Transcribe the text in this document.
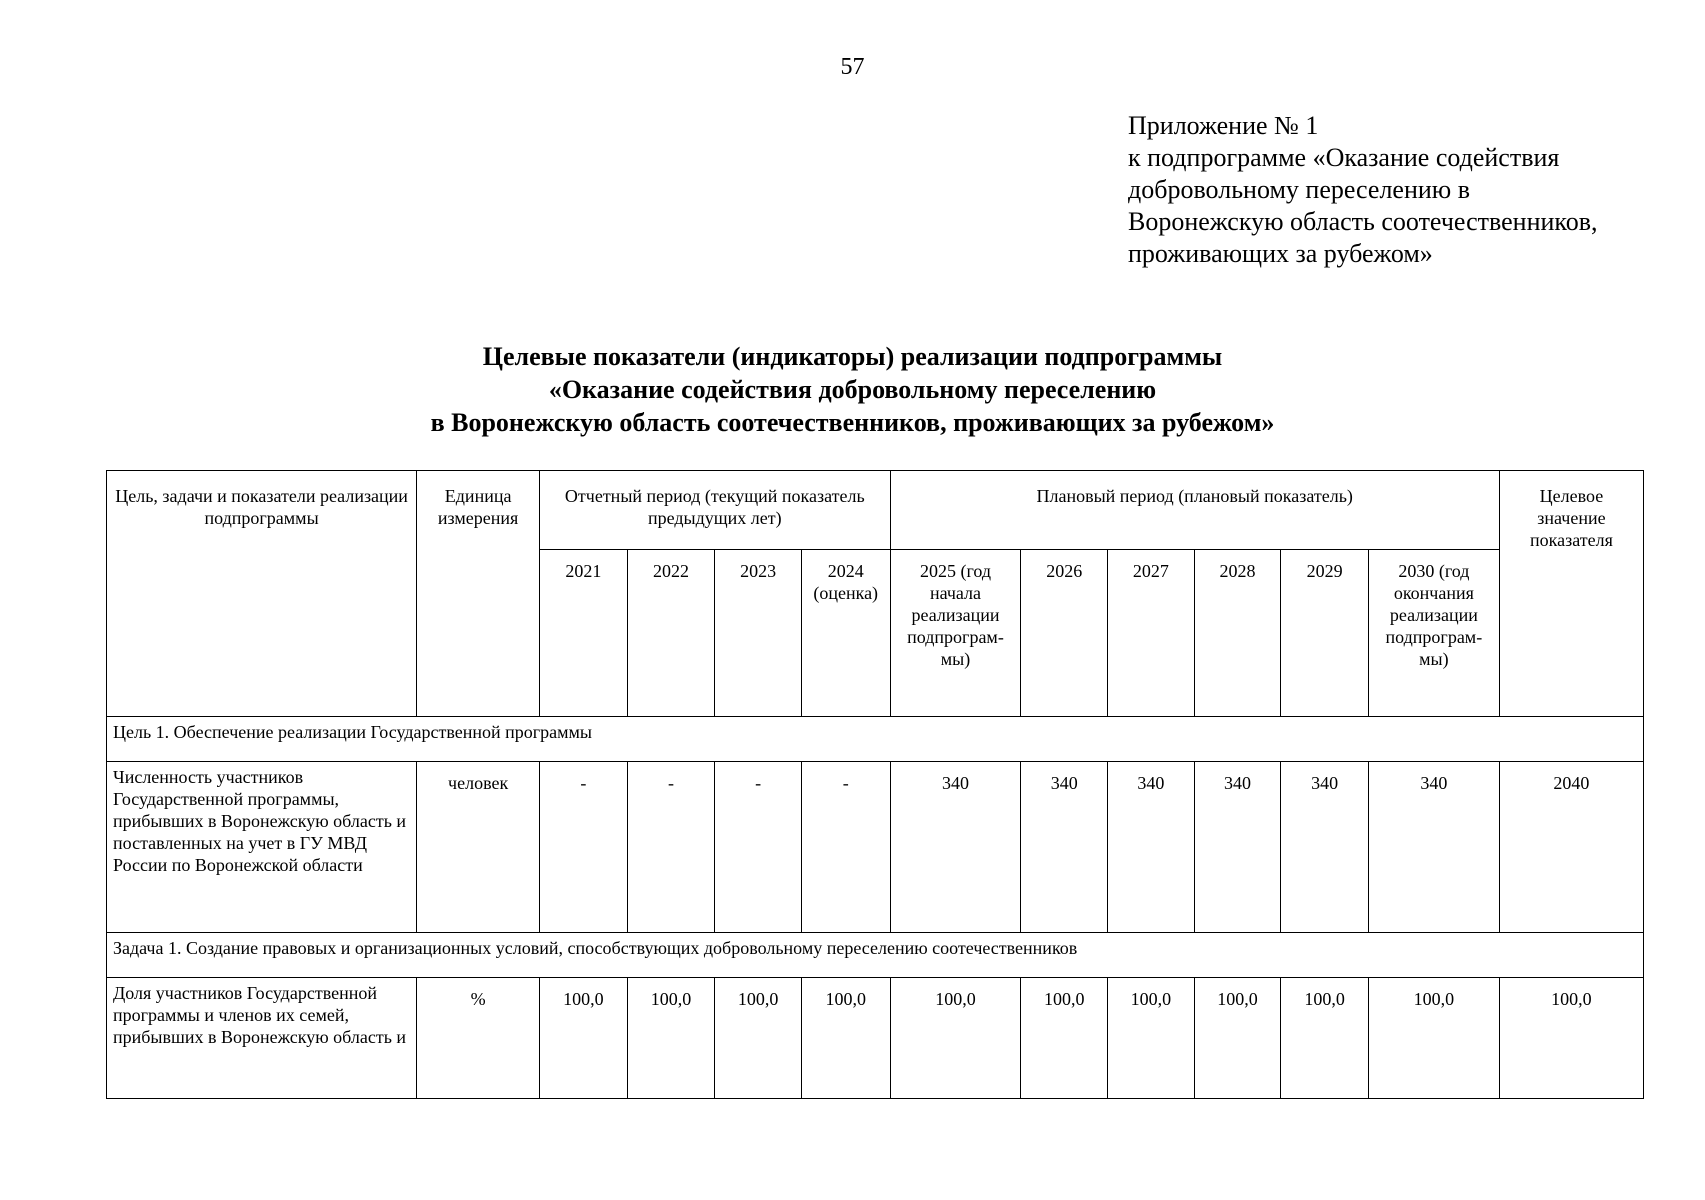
57
Приложение № 1
к подпрограмме «Оказание содействия
добровольному переселению в
Воронежскую область соотечественников,
проживающих за рубежом»
Целевые показатели (индикаторы) реализации подпрограммы
«Оказание содействия добровольному переселению
в Воронежскую область соотечественников, проживающих за рубежом»
Цель, задачи и показатели реализации подпрограммы	Единица измерения	Отчетный период (текущий показатель предыдущих лет)				Плановый период (плановый показатель)						Целевое значение показателя
		2021	2022	2023	2024 (оценка)	2025 (год начала реализации подпрограм-мы)	2026	2027	2028	2029	2030 (год окончания реализации подпрограм-мы)	
Цель 1. Обеспечение реализации Государственной программы												
Численность участников Государственной программы, прибывших в Воронежскую область и поставленных на учет в ГУ МВД России по Воронежской области	человек	-	-	-	-	340	340	340	340	340	340	2040
Задача 1. Создание правовых и организационных условий, способствующих добровольному переселению соотечественников												
Доля участников Государственной программы и членов их семей, прибывших в Воронежскую область и	%	100,0	100,0	100,0	100,0	100,0	100,0	100,0	100,0	100,0	100,0	100,0
